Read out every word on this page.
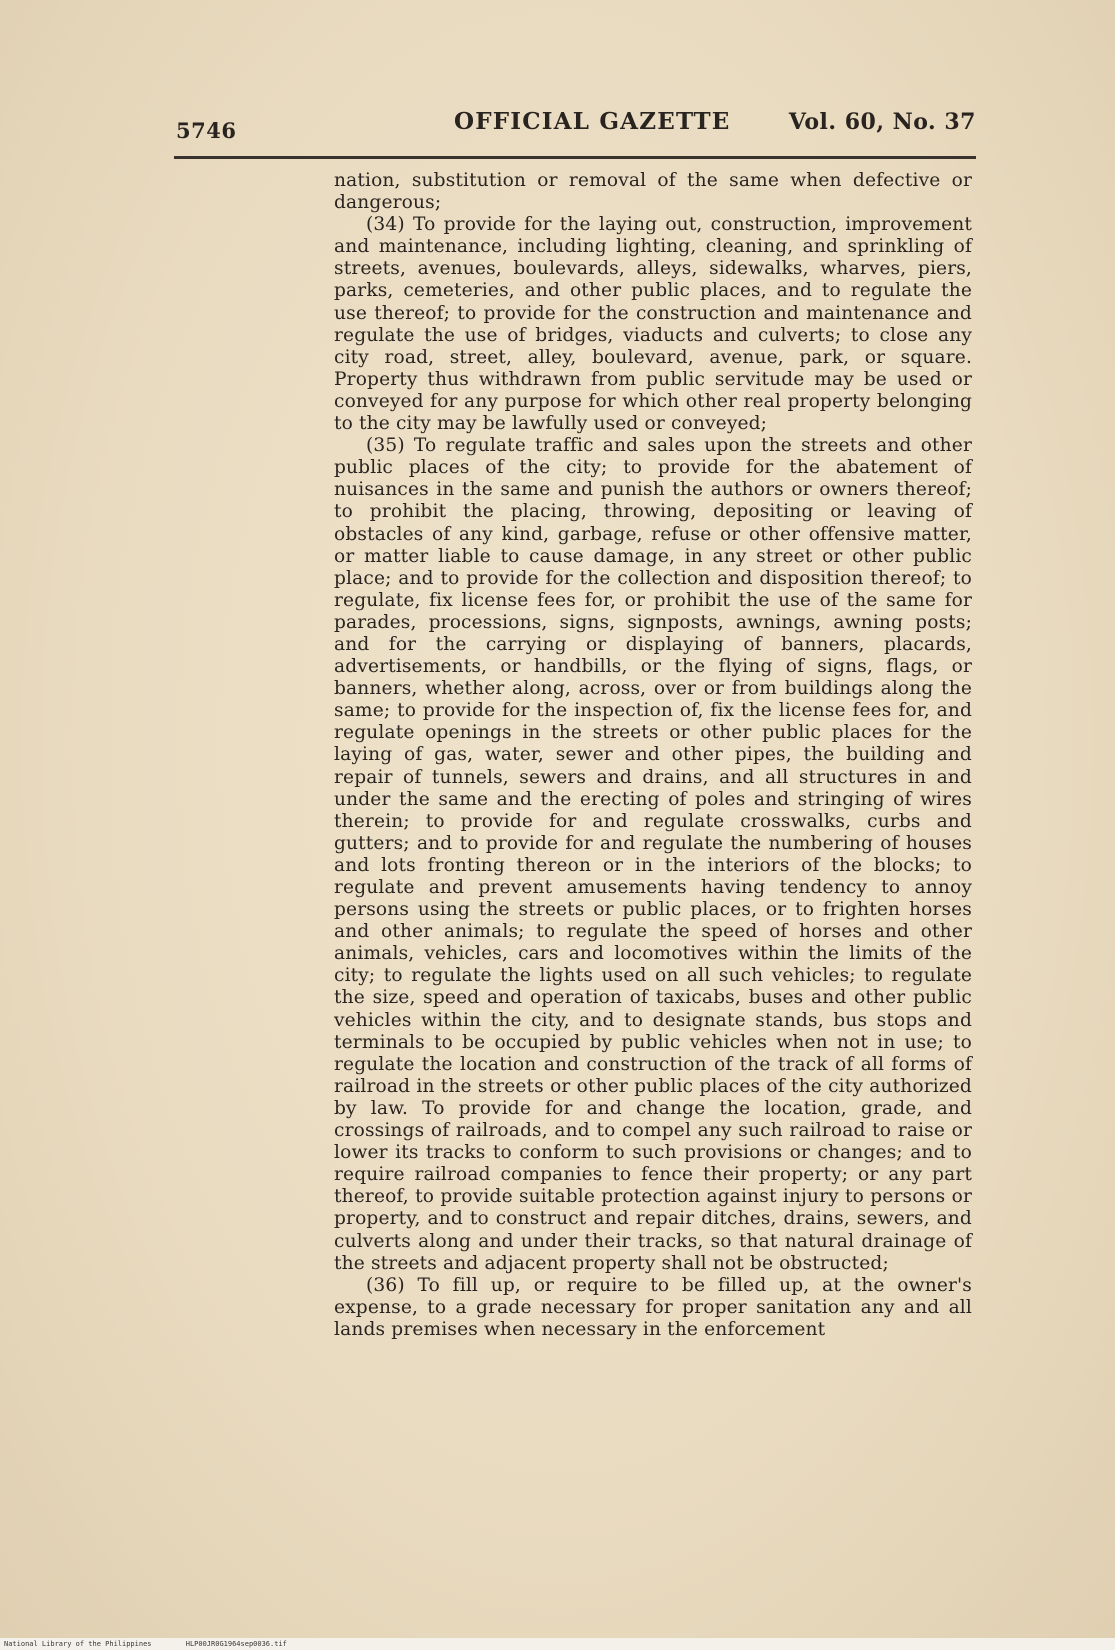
5746	OFFICIAL GAZETTE	Vol. 60, No. 37

nation, substitution or removal of the same when defective or dangerous;

(34) To provide for the laying out, construction, improvement and maintenance, including lighting, cleaning, and sprinkling of streets, avenues, boulevards, alleys, sidewalks, wharves, piers, parks, cemeteries, and other public places, and to regulate the use thereof; to provide for the construction and maintenance and regulate the use of bridges, viaducts and culverts; to close any city road, street, alley, boulevard, avenue, park, or square. Property thus withdrawn from public servitude may be used or conveyed for any purpose for which other real property belonging to the city may be lawfully used or conveyed;

(35) To regulate traffic and sales upon the streets and other public places of the city; to provide for the abatement of nuisances in the same and punish the authors or owners thereof; to prohibit the placing, throwing, depositing or leaving of obstacles of any kind, garbage, refuse or other offensive matter, or matter liable to cause damage, in any street or other public place; and to provide for the collection and disposition thereof; to regulate, fix license fees for, or prohibit the use of the same for parades, processions, signs, signposts, awnings, awning posts; and for the carrying or displaying of banners, placards, advertisements, or handbills, or the flying of signs, flags, or banners, whether along, across, over or from buildings along the same; to provide for the inspection of, fix the license fees for, and regulate openings in the streets or other public places for the laying of gas, water, sewer and other pipes, the building and repair of tunnels, sewers and drains, and all structures in and under the same and the erecting of poles and stringing of wires therein; to provide for and regulate crosswalks, curbs and gutters; and to provide for and regulate the numbering of houses and lots fronting thereon or in the interiors of the blocks; to regulate and prevent amusements having tendency to annoy persons using the streets or public places, or to frighten horses and other animals; to regulate the speed of horses and other animals, vehicles, cars and locomotives within the limits of the city; to regulate the lights used on all such vehicles; to regulate the size, speed and operation of taxicabs, buses and other public vehicles within the city, and to designate stands, bus stops and terminals to be occupied by public vehicles when not in use; to regulate the location and construction of the track of all forms of railroad in the streets or other public places of the city authorized by law. To provide for and change the location, grade, and crossings of railroads, and to compel any such railroad to raise or lower its tracks to conform to such provisions or changes; and to require railroad companies to fence their property; or any part thereof, to provide suitable protection against injury to persons or property, and to construct and repair ditches, drains, sewers, and culverts along and under their tracks, so that natural drainage of the streets and adjacent property shall not be obstructed;

(36) To fill up, or require to be filled up, at the owner's expense, to a grade necessary for proper sanitation any and all lands premises when necessary in the enforcement

National Library of the Philippines	HLP00JR0G1964sep0036.tif
